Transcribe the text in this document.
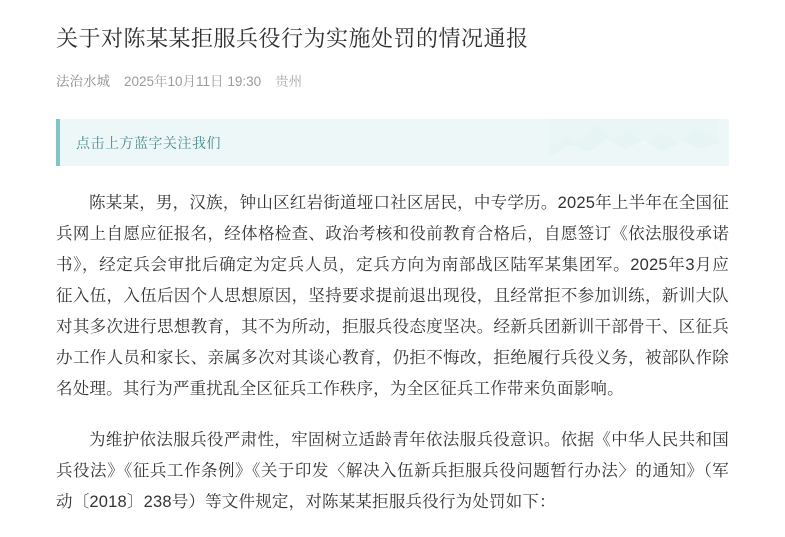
关于对陈某某拒服兵役行为实施处罚的情况通报
法治水城 2025年10月11日 19:30 贵州
点击上方蓝字关注我们

陈某某，男，汉族，钟山区红岩街道垭口社区居民，中专学历。2025年上半年在全国征兵网上自愿应征报名，经体格检查、政治考核和役前教育合格后，自愿签订《依法服役承诺书》，经定兵会审批后确定为定兵人员，定兵方向为南部战区陆军某集团军。2025年3月应征入伍，入伍后因个人思想原因，坚持要求提前退出现役，且经常拒不参加训练，新训大队对其多次进行思想教育，其不为所动，拒服兵役态度坚决。经新兵团新训干部骨干、区征兵办工作人员和家长、亲属多次对其谈心教育，仍拒不悔改，拒绝履行兵役义务，被部队作除名处理。其行为严重扰乱全区征兵工作秩序，为全区征兵工作带来负面影响。

为维护依法服兵役严肃性，牢固树立适龄青年依法服兵役意识。依据《中华人民共和国兵役法》《征兵工作条例》《关于印发〈解决入伍新兵拒服兵役问题暂行办法〉的通知》（军动〔2018〕238号）等文件规定，对陈某某拒服兵役行为处罚如下：
